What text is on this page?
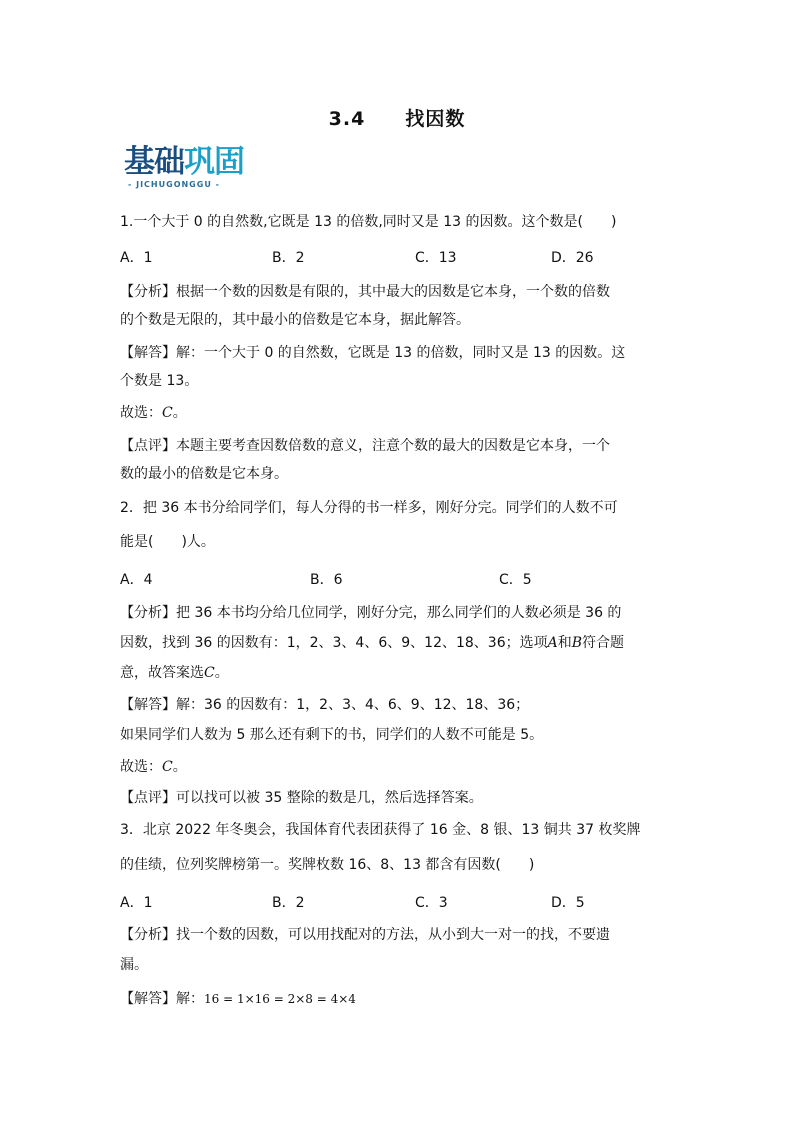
3.4 找因数
基础巩固
- JICHUGONGGU -
1.一个大于 0 的自然数,它既是 13 的倍数,同时又是 13 的因数。这个数是(　　)
A．1	B．2	C．13	D．26
【分析】根据一个数的因数是有限的，其中最大的因数是它本身，一个数的倍数
的个数是无限的，其中最小的倍数是它本身，据此解答。
【解答】解：一个大于 0 的自然数，它既是 13 的倍数，同时又是 13 的因数。这
个数是 13。
故选：C。
【点评】本题主要考查因数倍数的意义，注意个数的最大的因数是它本身，一个
数的最小的倍数是它本身。
2．把 36 本书分给同学们，每人分得的书一样多，刚好分完。同学们的人数不可
能是(　　)人。
A．4	B．6	C．5
【分析】把 36 本书均分给几位同学，刚好分完，那么同学们的人数必须是 36 的
因数，找到 36 的因数有：1，2、3、4、6、9、12、18、36；选项A和B符合题
意，故答案选C。
【解答】解：36 的因数有：1，2、3、4、6、9、12、18、36；
如果同学们人数为 5 那么还有剩下的书，同学们的人数不可能是 5。
故选：C。
【点评】可以找可以被 35 整除的数是几，然后选择答案。
3．北京 2022 年冬奥会，我国体育代表团获得了 16 金、8 银、13 铜共 37 枚奖牌
的佳绩，位列奖牌榜第一。奖牌枚数 16、8、13 都含有因数(　　)
A．1	B．2	C．3	D．5
【分析】找一个数的因数，可以用找配对的方法，从小到大一对一的找，不要遗
漏。
【解答】解：16 = 1×16 = 2×8 = 4×4
